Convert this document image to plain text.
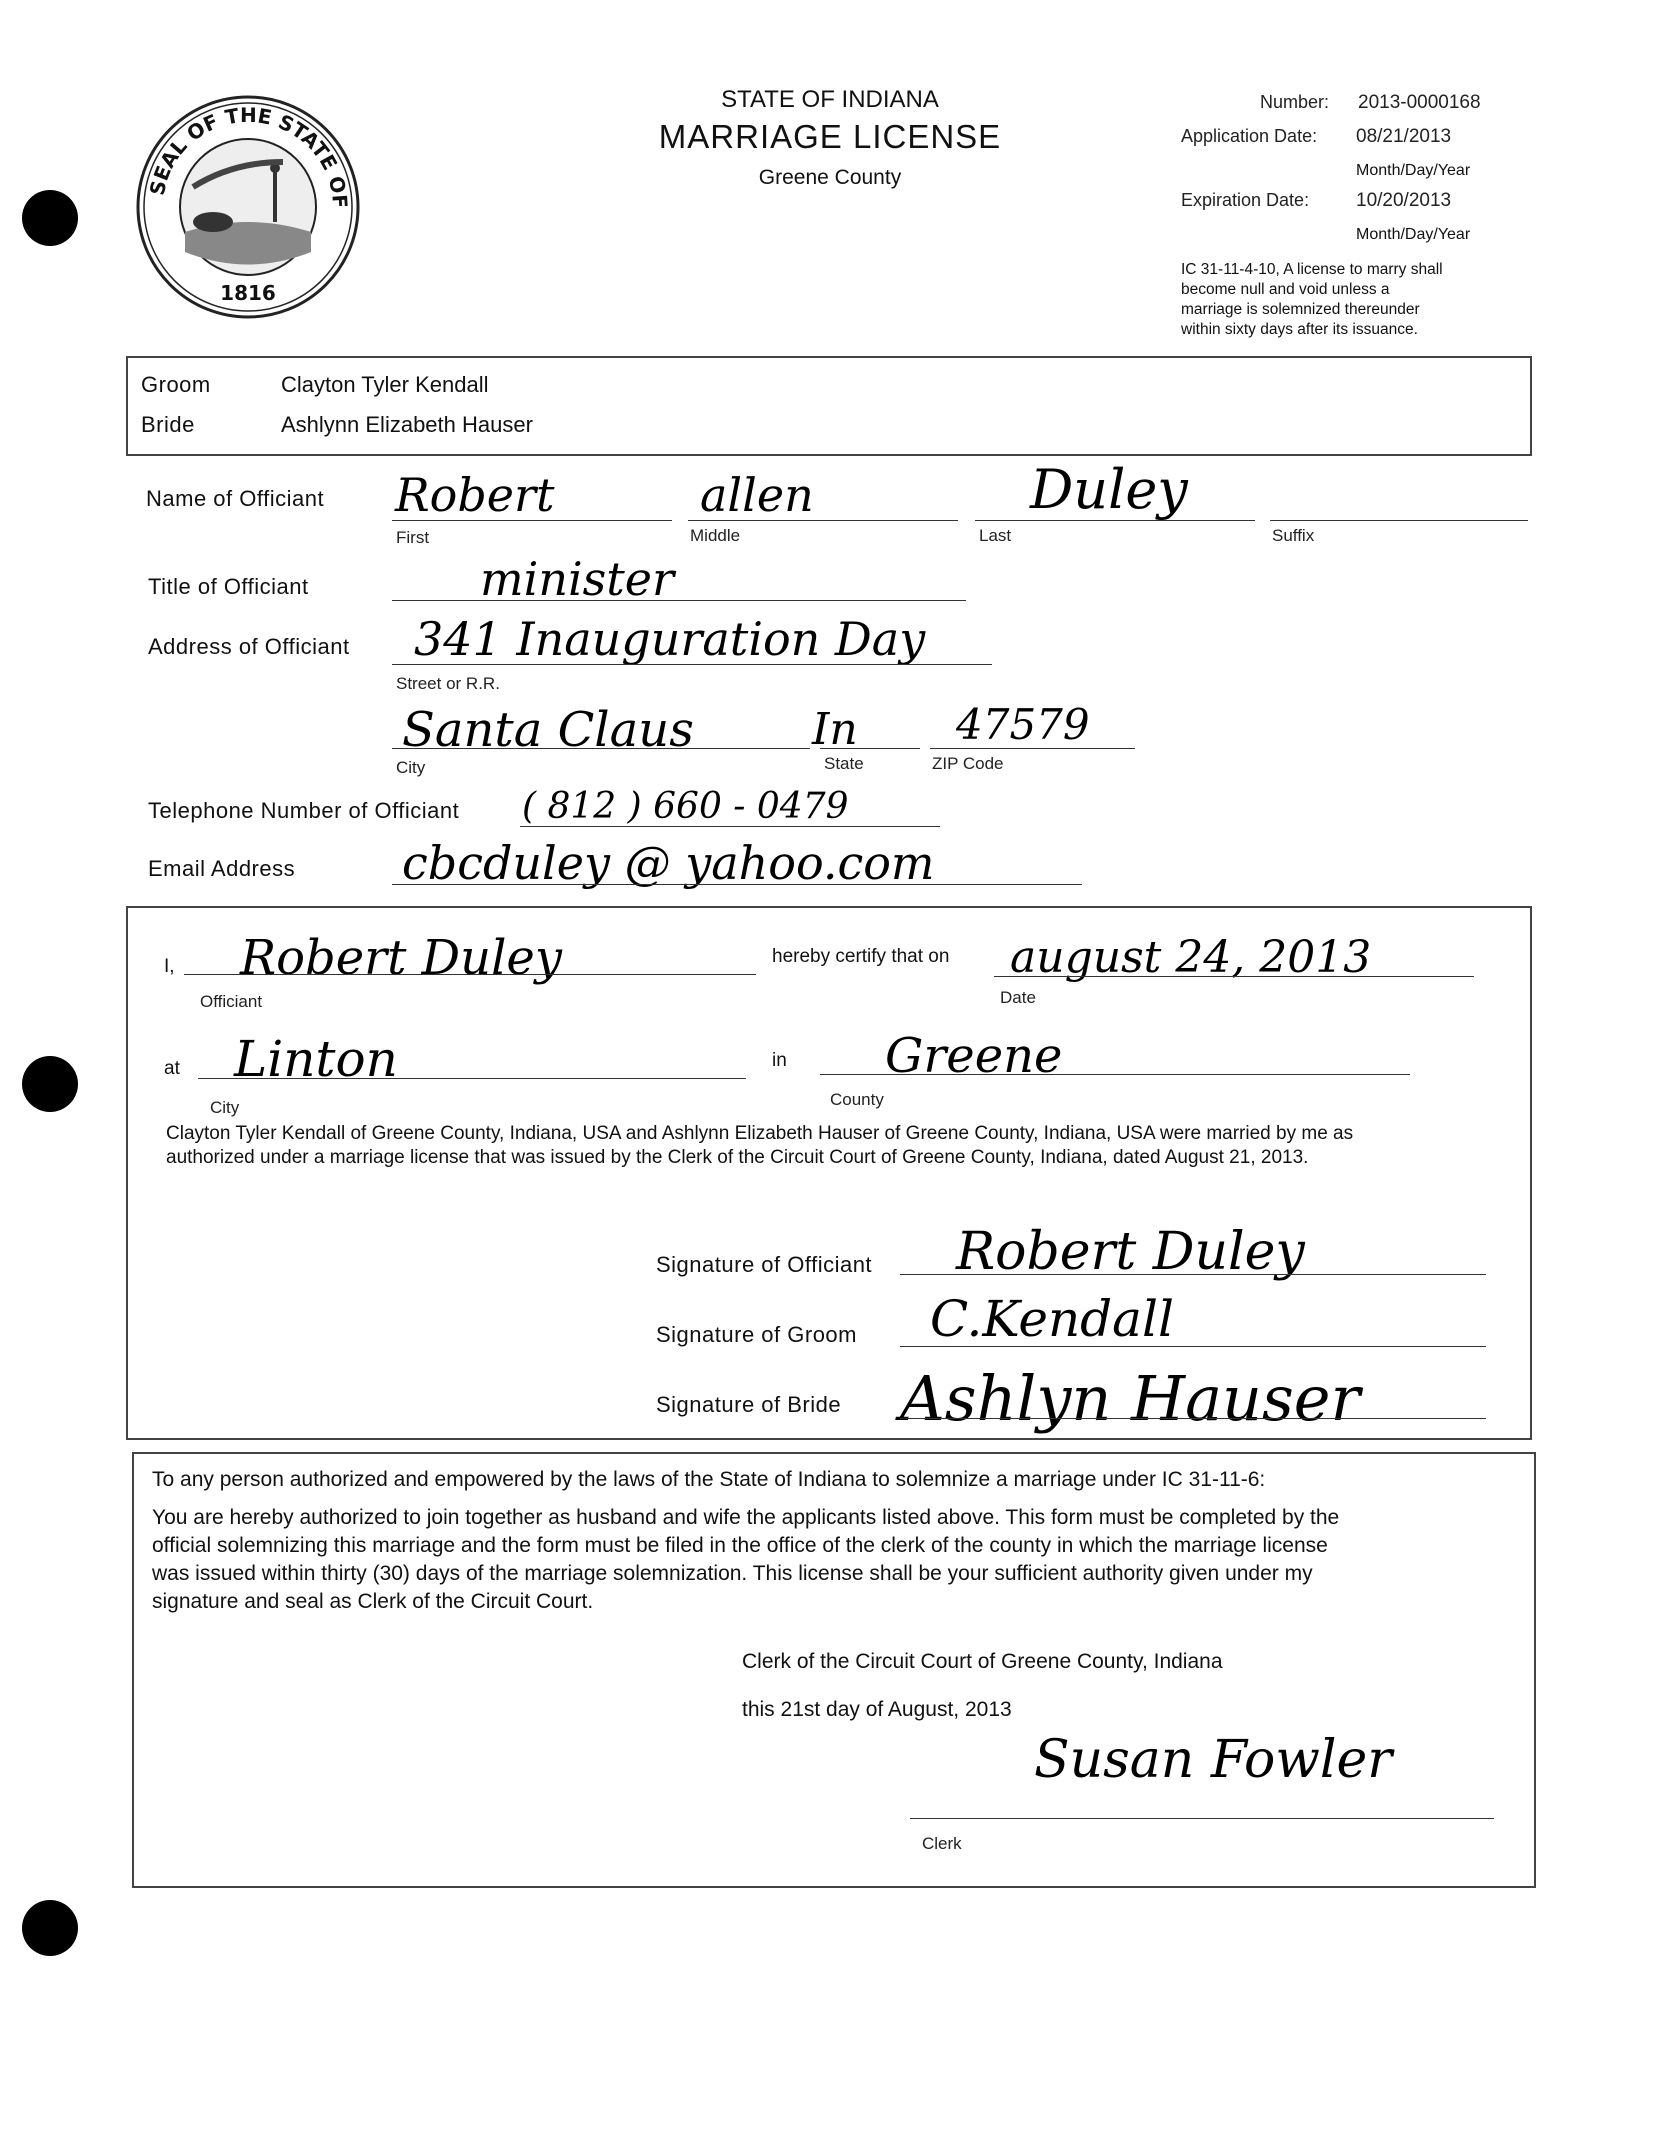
SEAL OF THE STATE OF
1816
STATE OF INDIANA
MARRIAGE LICENSE
Greene County
Number: 2013-0000168
Application Date: 08/21/2013
Month/Day/Year
Expiration Date: 10/20/2013
Month/Day/Year
IC 31-11-4-10, A license to marry shall
become null and void unless a
marriage is solemnized thereunder
within sixty days after its issuance.
Groom	Clayton Tyler Kendall
Bride	Ashlynn Elizabeth Hauser
Name of Officiant Robert	allen	Duley
First	Middle	Last	Suffix
Title of Officiant	minister
Address of Officiant 341 Inauguration Day
Street or R.R.
Santa Claus	In 47579
City	State	ZIP Code
Telephone Number of Officiant ( 812 ) 660 - 0479
Email Address cbcduley @ yahoo.com
I, Robert Duley
Officiant
hereby certify that on august 24, 2013
Date
at Linton
City
in Greene
County
Clayton Tyler Kendall of Greene County, Indiana, USA and Ashlynn Elizabeth Hauser of Greene County, Indiana, USA were married by me as
authorized under a marriage license that was issued by the Clerk of the Circuit Court of Greene County, Indiana, dated August 21, 2013.
Signature of Officiant Robert Duley
Signature of Groom C.Kendall
Signature of Bride Ashlyn Hauser
To any person authorized and empowered by the laws of the State of Indiana to solemnize a marriage under IC 31-11-6:
You are hereby authorized to join together as husband and wife the applicants listed above. This form must be completed by the
official solemnizing this marriage and the form must be filed in the office of the clerk of the county in which the marriage license
was issued within thirty (30) days of the marriage solemnization. This license shall be your sufficient authority given under my
signature and seal as Clerk of the Circuit Court.
Clerk of the Circuit Court of Greene County, Indiana
this 21st day of August, 2013
Susan Fowler
Clerk
